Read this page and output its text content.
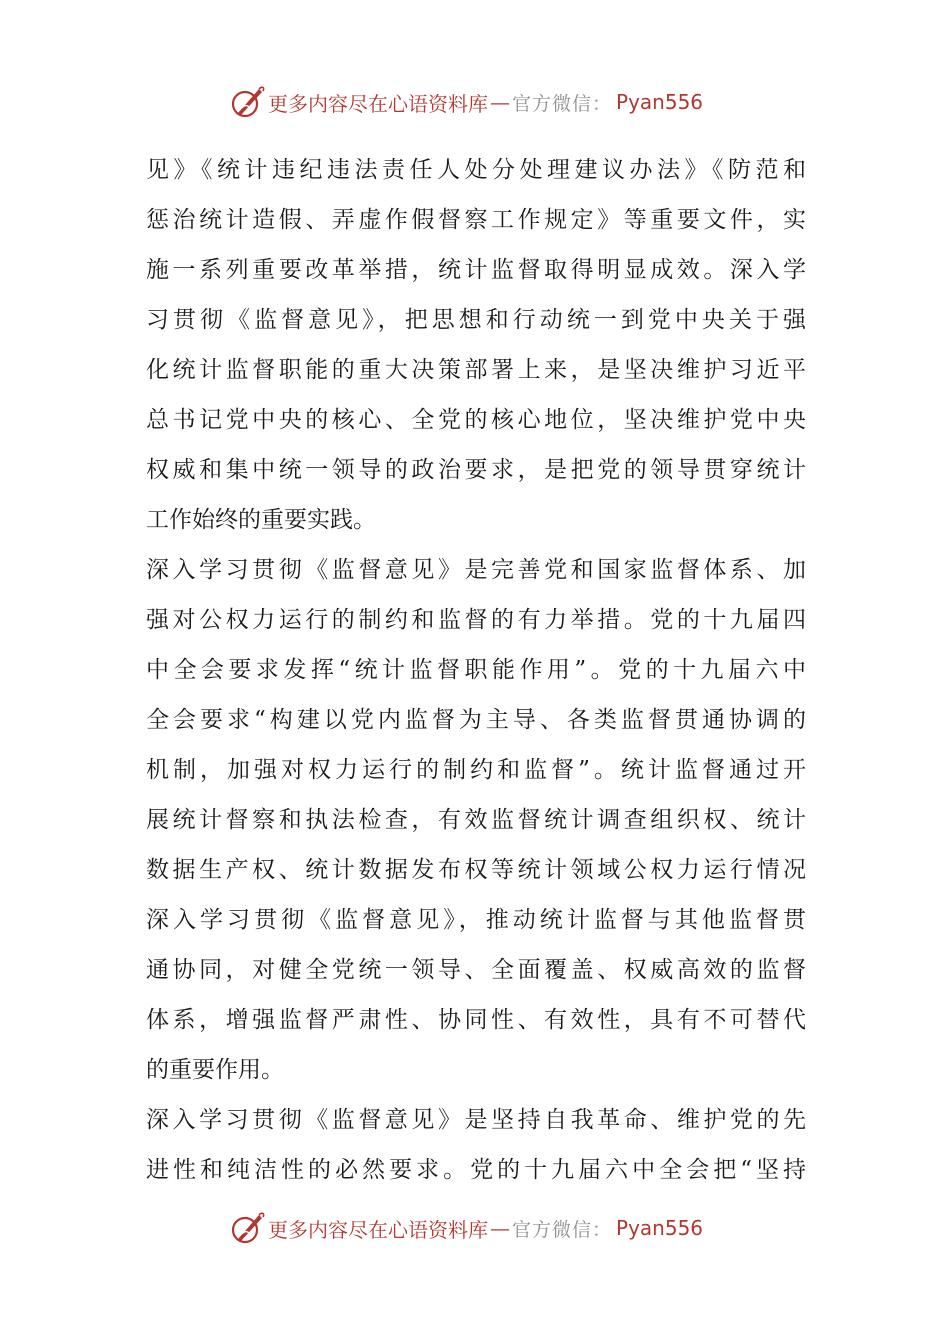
更多内容尽在心语资料库 — 官方微信： Pyan556
见》《统计违纪违法责任人处分处理建议办法》《防范和
惩治统计造假、弄虚作假督察工作规定》等重要文件，实
施一系列重要改革举措，统计监督取得明显成效。深入学
习贯彻《监督意见》，把思想和行动统一到党中央关于强
化统计监督职能的重大决策部署上来，是坚决维护习近平
总书记党中央的核心、全党的核心地位，坚决维护党中央
权威和集中统一领导的政治要求，是把党的领导贯穿统计
工作始终的重要实践。
深入学习贯彻《监督意见》是完善党和国家监督体系、加
强对公权力运行的制约和监督的有力举措。党的十九届四
中全会要求发挥“统计监督职能作用”。党的十九届六中
全会要求“构建以党内监督为主导、各类监督贯通协调的
机制，加强对权力运行的制约和监督”。统计监督通过开
展统计督察和执法检查，有效监督统计调查组织权、统计
数据生产权、统计数据发布权等统计领域公权力运行情况
深入学习贯彻《监督意见》，推动统计监督与其他监督贯
通协同，对健全党统一领导、全面覆盖、权威高效的监督
体系，增强监督严肃性、协同性、有效性，具有不可替代
的重要作用。
深入学习贯彻《监督意见》是坚持自我革命、维护党的先
进性和纯洁性的必然要求。党的十九届六中全会把“坚持
更多内容尽在心语资料库 — 官方微信： Pyan556
